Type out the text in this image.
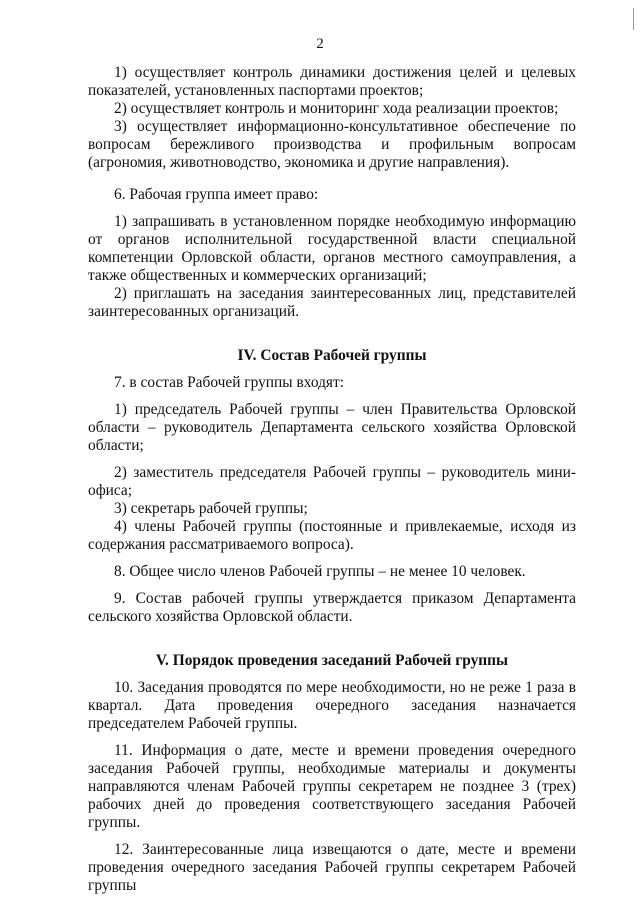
2

1) осуществляет контроль динамики достижения целей и целевых показателей, установленных паспортами проектов;

2) осуществляет контроль и мониторинг хода реализации проектов;

3) осуществляет информационно-консультативное обеспечение по вопросам бережливого производства и профильным вопросам (агрономия, животноводство, экономика и другие направления).

6. Рабочая группа имеет право:

1) запрашивать в установленном порядке необходимую информацию от органов исполнительной государственной власти специальной компетенции Орловской области, органов местного самоуправления, а также общественных и коммерческих организаций;

2) приглашать на заседания заинтересованных лиц, представителей заинтересованных организаций.

IV. Состав Рабочей группы

7. в состав Рабочей группы входят:

1) председатель Рабочей группы – член Правительства Орловской области – руководитель Департамента сельского хозяйства Орловской области;

2) заместитель председателя Рабочей группы – руководитель мини-офиса;

3) секретарь рабочей группы;

4) члены Рабочей группы (постоянные и привлекаемые, исходя из содержания рассматриваемого вопроса).

8. Общее число членов Рабочей группы – не менее 10 человек.

9. Состав рабочей группы утверждается приказом Департамента сельского хозяйства Орловской области.

V. Порядок проведения заседаний Рабочей группы

10. Заседания проводятся по мере необходимости, но не реже 1 раза в квартал. Дата проведения очередного заседания назначается председателем Рабочей группы.

11. Информация о дате, месте и времени проведения очередного заседания Рабочей группы, необходимые материалы и документы направляются членам Рабочей группы секретарем не позднее 3 (трех) рабочих дней до проведения соответствующего заседания Рабочей группы.

12. Заинтересованные лица извещаются о дате, месте и времени проведения очередного заседания Рабочей группы секретарем Рабочей группы
